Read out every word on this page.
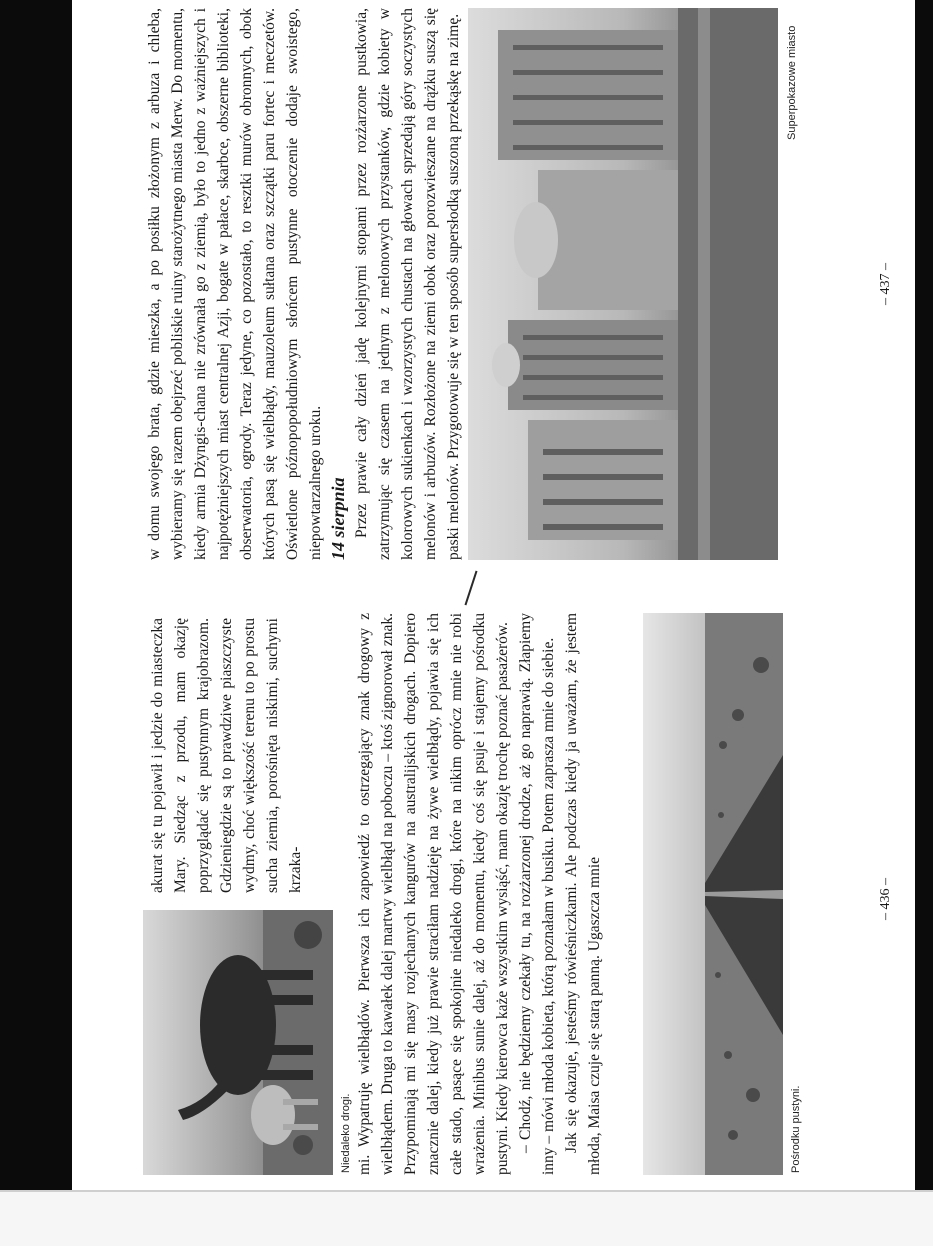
Niedaleko drogi.

akurat się tu pojawił i jedzie do miasteczka Mary. Siedząc z przodu, mam okazję poprzyglądać się pustynnym krajobrazom. Gdzieniegdzie są to prawdziwe piaszczyste wydmy, choć większość terenu to po prostu sucha ziemia, porośnięta niskimi, suchymi krzaka-	mi. Wypatruję wielbłądów. Pierwsza ich zapowiedź to ostrzegający znak drogowy z wielbłądem. Druga to kawałek dalej martwy wielbłąd na poboczu – ktoś zignorował znak. Przypominają mi się masy rozjechanych kangurów na australijskich drogach. Dopiero znacznie dalej, kiedy już prawie straciłam nadzieję na żywe wielbłądy, pojawia się ich całe stado, pasące się spokojnie niedaleko drogi, które na nikim oprócz mnie nie robi wrażenia. Minibus sunie dalej, aż do momentu, kiedy coś się psuje i stajemy pośrodku pustyni. Kiedy kierowca każe wszystkim wysiąść, mam okazję trochę poznać pasażerów. – Chodź, nie będziemy czekały tu, na rozżarzonej drodze, aż go naprawią. Złapiemy inny – mówi młoda kobieta, którą poznałam w busiku. Potem zaprasza mnie do siebie. Jak się okazuje, jesteśmy rówieśniczkami. Ale podczas kiedy ja uważam, że jestem młoda, Maisa czuje się starą panną. Ugaszcza mnie	Pośrodku pustyni.
– 436 –

w domu swojego brata, gdzie mieszka, a po posiłku złożonym z arbuza i chleba, wybieramy się razem obejrzeć pobliskie ruiny starożytnego miasta Merw. Do momentu, kiedy armia Dżyngis-chana nie zrównała go z ziemią, było to jedno z ważniejszych i najpotężniejszych miast centralnej Azji, bogate w pałace, skarbce, obszerne biblioteki, obserwatoria, ogrody. Teraz jedyne, co pozostało, to resztki murów obronnych, obok których pasą się wielbłądy, mauzoleum sułtana oraz szczątki paru fortec i meczetów. Oświetlone późnopopołudniowym słońcem pustynne otoczenie dodaje swoistego, niepowtarzalnego uroku. 14 sierpnia Przez prawie cały dzień jadę kolejnymi stopami przez rozżarzone pustkowia, zatrzymując się czasem na jednym z melonowych przystanków, gdzie kobiety w kolorowych sukienkach i wzorzystych chustach na głowach sprzedają góry soczystych melonów i arbuzów. Rozłożone na ziemi obok oraz porozwieszane na drążku suszą się paski melonów. Przygotowuje się w ten sposób supersłodką suszoną przekąskę na zimę.	Superpokazowe miasto
– 437 –
